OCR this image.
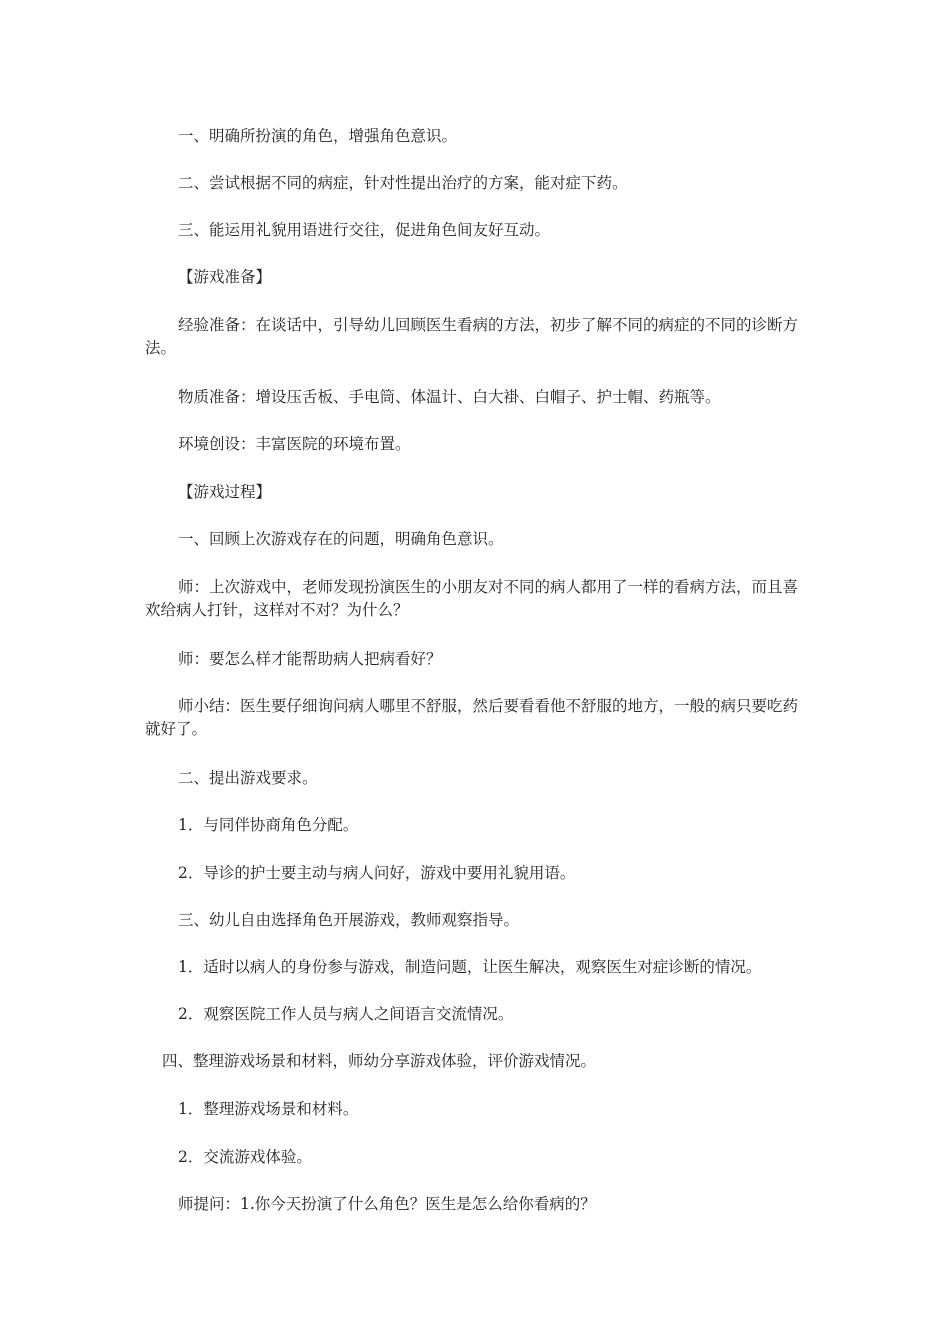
一、明确所扮演的角色，增强角色意识。

二、尝试根据不同的病症，针对性提出治疗的方案，能对症下药。

三、能运用礼貌用语进行交往，促进角色间友好互动。

【游戏准备】

经验准备：在谈话中，引导幼儿回顾医生看病的方法，初步了解不同的病症的不同的诊断方法。

物质准备：增设压舌板、手电筒、体温计、白大褂、白帽子、护士帽、药瓶等。

环境创设：丰富医院的环境布置。

【游戏过程】

一、回顾上次游戏存在的问题，明确角色意识。

师：上次游戏中，老师发现扮演医生的小朋友对不同的病人都用了一样的看病方法，而且喜欢给病人打针，这样对不对？为什么？

师：要怎么样才能帮助病人把病看好？

师小结：医生要仔细询问病人哪里不舒服，然后要看看他不舒服的地方，一般的病只要吃药就好了。

二、提出游戏要求。

1．与同伴协商角色分配。

2．导诊的护士要主动与病人问好，游戏中要用礼貌用语。

三、幼儿自由选择角色开展游戏，教师观察指导。

1．适时以病人的身份参与游戏，制造问题，让医生解决，观察医生对症诊断的情况。

2．观察医院工作人员与病人之间语言交流情况。

四、整理游戏场景和材料，师幼分享游戏体验，评价游戏情况。

1．整理游戏场景和材料。

2．交流游戏体验。

师提问：1.你今天扮演了什么角色？医生是怎么给你看病的？
